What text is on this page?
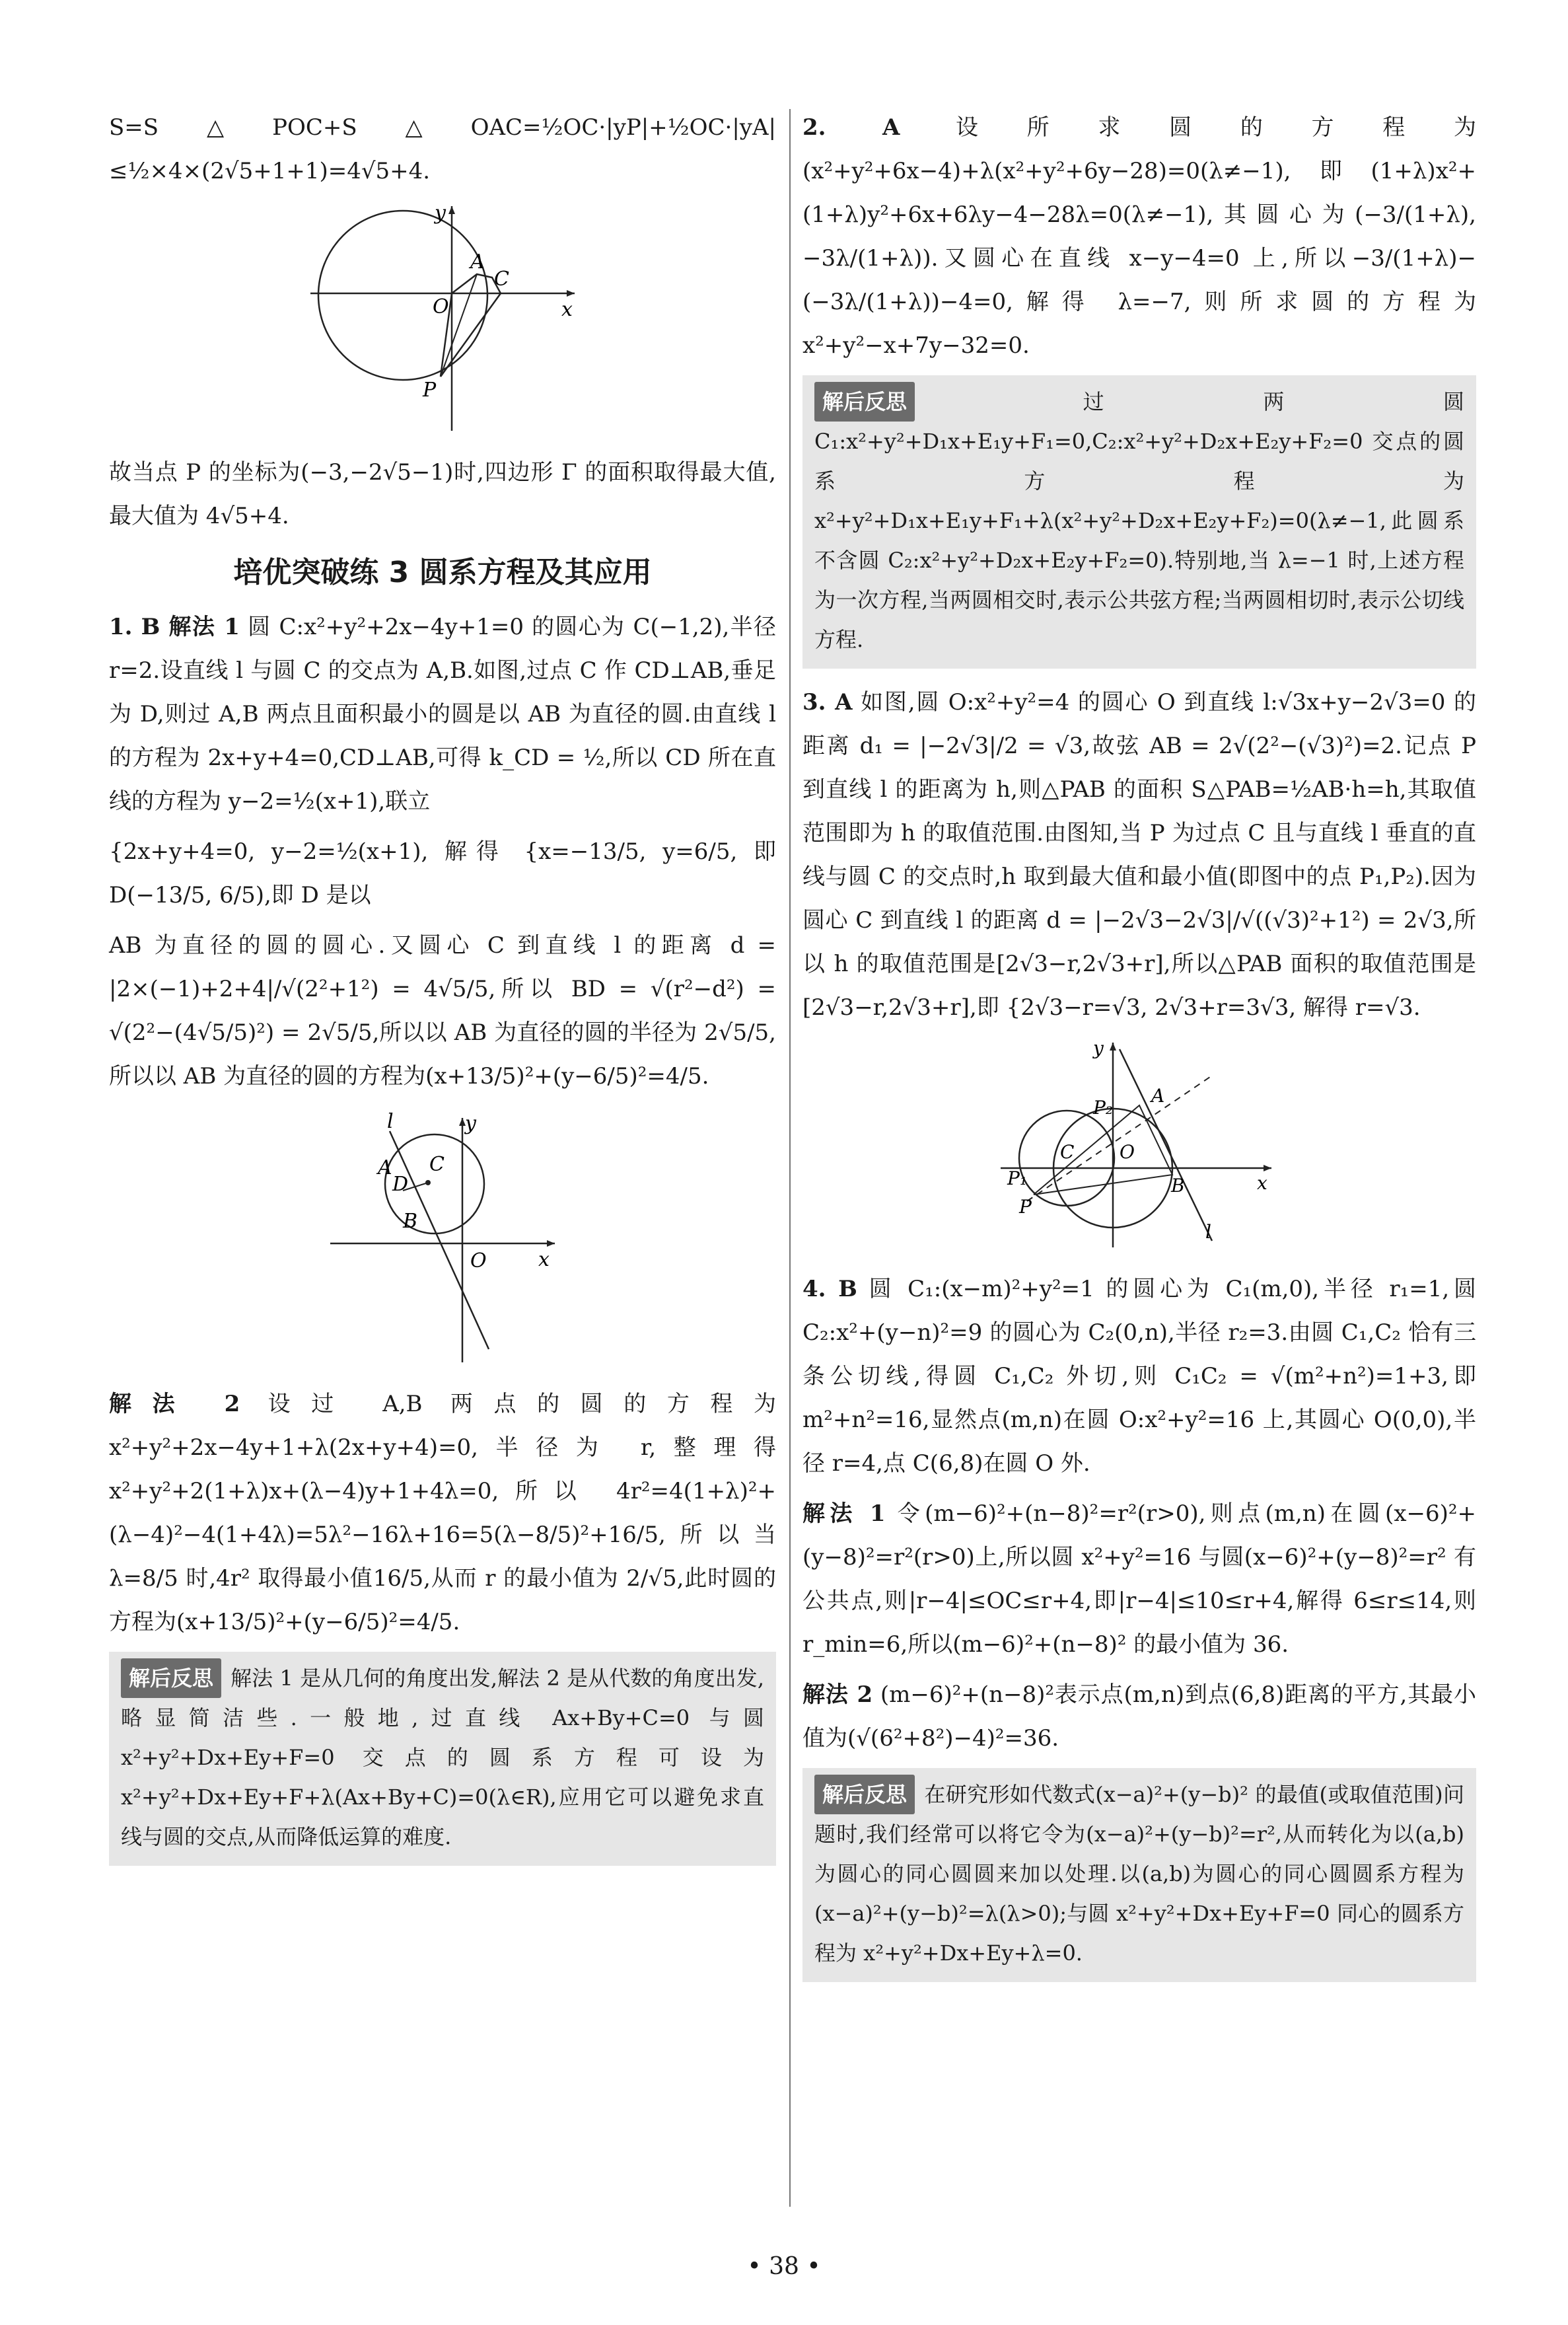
S=S△POC+S△OAC=½OC·|yP|+½OC·|yA|≤½×4×(2√5+1+1)=4√5+4.

y
x
O
A
C
P

故当点 P 的坐标为(−3,−2√5−1)时,四边形 Γ 的面积取得最大值,最大值为 4√5+4.

培优突破练 3 圆系方程及其应用

1. B 解法 1 圆 C:x²+y²+2x−4y+1=0 的圆心为 C(−1,2),半径 r=2.设直线 l 与圆 C 的交点为 A,B.如图,过点 C 作 CD⊥AB,垂足为 D,则过 A,B 两点且面积最小的圆是以 AB 为直径的圆.由直线 l 的方程为 2x+y+4=0,CD⊥AB,可得 k_CD = ½,所以 CD 所在直线的方程为 y−2=½(x+1),联立

{2x+y+4=0, y−2=½(x+1), 解得 {x=−13/5, y=6/5, 即 D(−13/5, 6/5),即 D 是以

AB 为直径的圆的圆心.又圆心 C 到直线 l 的距离 d = |2×(−1)+2+4|/√(2²+1²) = 4√5/5,所以 BD = √(r²−d²) = √(2²−(4√5/5)²) = 2√5/5,所以以 AB 为直径的圆的半径为 2√5/5,所以以 AB 为直径的圆的方程为(x+13/5)²+(y−6/5)²=4/5.

l	y
A C
D
B
O	x

解法 2 设过 A,B 两点的圆的方程为 x²+y²+2x−4y+1+λ(2x+y+4)=0,半径为 r,整理得 x²+y²+2(1+λ)x+(λ−4)y+1+4λ=0,所以 4r²=4(1+λ)²+(λ−4)²−4(1+4λ)=5λ²−16λ+16=5(λ−8/5)²+16/5,所以当 λ=8/5 时,4r² 取得最小值16/5,从而 r 的最小值为 2/√5,此时圆的方程为(x+13/5)²+(y−6/5)²=4/5.

解后反思 解法 1 是从几何的角度出发,解法 2 是从代数的角度出发,略显简洁些.一般地,过直线 Ax+By+C=0 与圆 x²+y²+Dx+Ey+F=0 交点的圆系方程可设为 x²+y²+Dx+Ey+F+λ(Ax+By+C)=0(λ∈R),应用它可以避免求直线与圆的交点,从而降低运算的难度.

2. A 设所求圆的方程为(x²+y²+6x−4)+λ(x²+y²+6y−28)=0(λ≠−1),即(1+λ)x²+(1+λ)y²+6x+6λy−4−28λ=0(λ≠−1),其圆心为(−3/(1+λ), −3λ/(1+λ)).又圆心在直线 x−y−4=0 上,所以−3/(1+λ)−(−3λ/(1+λ))−4=0,解得 λ=−7,则所求圆的方程为 x²+y²−x+7y−32=0.

解后反思 过两圆 C₁:x²+y²+D₁x+E₁y+F₁=0,C₂:x²+y²+D₂x+E₂y+F₂=0 交点的圆系方程为 x²+y²+D₁x+E₁y+F₁+λ(x²+y²+D₂x+E₂y+F₂)=0(λ≠−1,此圆系不含圆 C₂:x²+y²+D₂x+E₂y+F₂=0).特别地,当 λ=−1 时,上述方程为一次方程,当两圆相交时,表示公共弦方程;当两圆相切时,表示公切线方程.

3. A 如图,圆 O:x²+y²=4 的圆心 O 到直线 l:√3x+y−2√3=0 的距离 d₁ = |−2√3|/2 = √3,故弦 AB = 2√(2²−(√3)²)=2.记点 P 到直线 l 的距离为 h,则△PAB 的面积 S△PAB=½AB·h=h,其取值范围即为 h 的取值范围.由图知,当 P 为过点 C 且与直线 l 垂直的直线与圆 C 的交点时,h 取到最大值和最小值(即图中的点 P₁,P₂).因为圆心 C 到直线 l 的距离 d = |−2√3−2√3|/√((√3)²+1²) = 2√3,所以 h 的取值范围是[2√3−r,2√3+r],所以△PAB 面积的取值范围是[2√3−r,2√3+r],即 {2√3−r=√3, 2√3+r=3√3, 解得 r=√3.

y
A
P₂
C O
P₁	B	x
P
l

4. B 圆 C₁:(x−m)²+y²=1 的圆心为 C₁(m,0),半径 r₁=1,圆 C₂:x²+(y−n)²=9 的圆心为 C₂(0,n),半径 r₂=3.由圆 C₁,C₂ 恰有三条公切线,得圆 C₁,C₂ 外切,则 C₁C₂ = √(m²+n²)=1+3,即 m²+n²=16,显然点(m,n)在圆 O:x²+y²=16 上,其圆心 O(0,0),半径 r=4,点 C(6,8)在圆 O 外.

解法 1 令(m−6)²+(n−8)²=r²(r>0),则点(m,n)在圆(x−6)²+(y−8)²=r²(r>0)上,所以圆 x²+y²=16 与圆(x−6)²+(y−8)²=r² 有公共点,则|r−4|≤OC≤r+4,即|r−4|≤10≤r+4,解得 6≤r≤14,则 r_min=6,所以(m−6)²+(n−8)² 的最小值为 36.

解法 2 (m−6)²+(n−8)²表示点(m,n)到点(6,8)距离的平方,其最小值为(√(6²+8²)−4)²=36.

解后反思 在研究形如代数式(x−a)²+(y−b)² 的最值(或取值范围)问题时,我们经常可以将它令为(x−a)²+(y−b)²=r²,从而转化为以(a,b)为圆心的同心圆圆来加以处理.以(a,b)为圆心的同心圆圆系方程为(x−a)²+(y−b)²=λ(λ>0);与圆 x²+y²+Dx+Ey+F=0 同心的圆系方程为 x²+y²+Dx+Ey+λ=0.

• 38 •
